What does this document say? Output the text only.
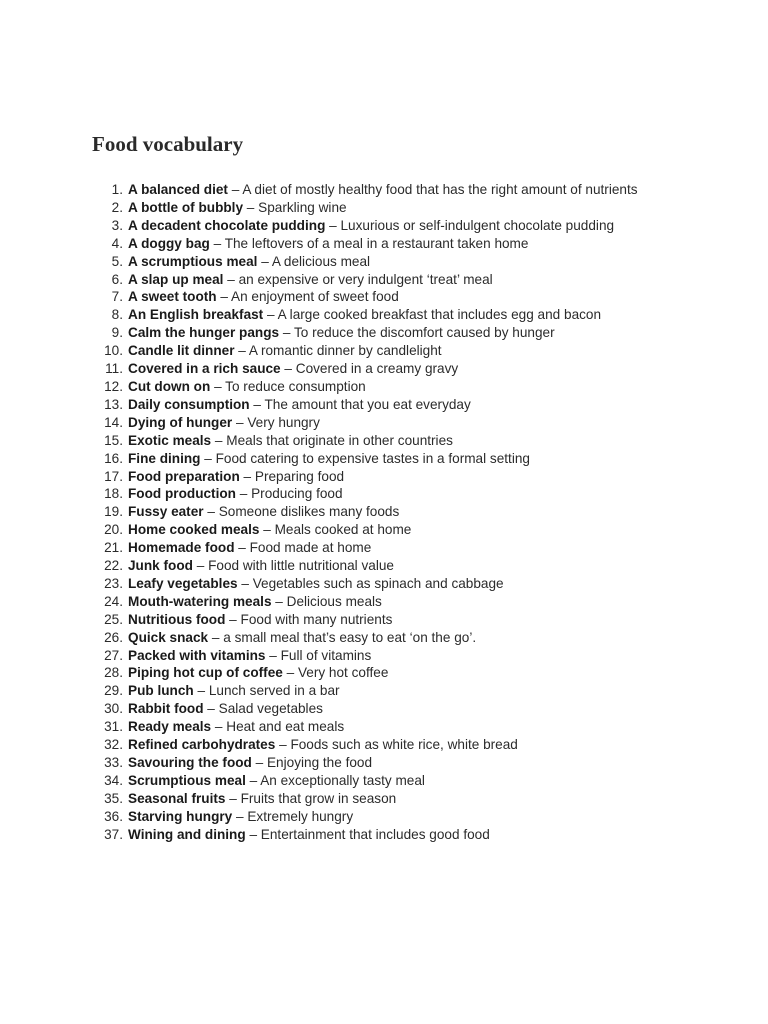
Food vocabulary
1. A balanced diet – A diet of mostly healthy food that has the right amount of nutrients
2. A bottle of bubbly – Sparkling wine
3. A decadent chocolate pudding – Luxurious or self-indulgent chocolate pudding
4. A doggy bag – The leftovers of a meal in a restaurant taken home
5. A scrumptious meal – A delicious meal
6. A slap up meal – an expensive or very indulgent ‘treat’ meal
7. A sweet tooth – An enjoyment of sweet food
8. An English breakfast – A large cooked breakfast that includes egg and bacon
9. Calm the hunger pangs – To reduce the discomfort caused by hunger
10. Candle lit dinner – A romantic dinner by candlelight
11. Covered in a rich sauce – Covered in a creamy gravy
12. Cut down on – To reduce consumption
13. Daily consumption – The amount that you eat everyday
14. Dying of hunger – Very hungry
15. Exotic meals – Meals that originate in other countries
16. Fine dining – Food catering to expensive tastes in a formal setting
17. Food preparation – Preparing food
18. Food production – Producing food
19. Fussy eater – Someone dislikes many foods
20. Home cooked meals – Meals cooked at home
21. Homemade food – Food made at home
22. Junk food – Food with little nutritional value
23. Leafy vegetables – Vegetables such as spinach and cabbage
24. Mouth-watering meals – Delicious meals
25. Nutritious food – Food with many nutrients
26. Quick snack – a small meal that’s easy to eat ‘on the go’.
27. Packed with vitamins – Full of vitamins
28. Piping hot cup of coffee – Very hot coffee
29. Pub lunch – Lunch served in a bar
30. Rabbit food – Salad vegetables
31. Ready meals – Heat and eat meals
32. Refined carbohydrates – Foods such as white rice, white bread
33. Savouring the food – Enjoying the food
34. Scrumptious meal – An exceptionally tasty meal
35. Seasonal fruits – Fruits that grow in season
36. Starving hungry – Extremely hungry
37. Wining and dining – Entertainment that includes good food
